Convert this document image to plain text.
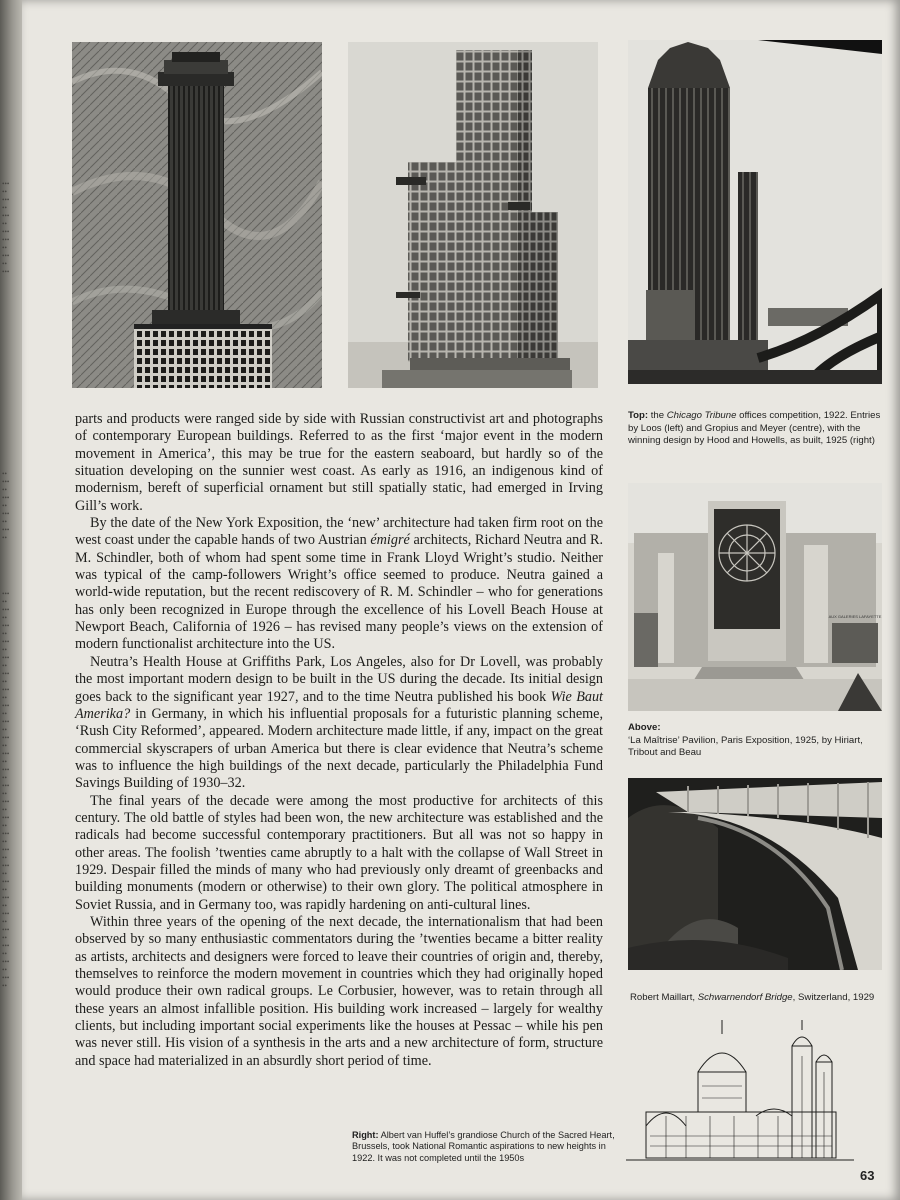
•••
••
•••
••
•••
••
•••
•••
••
•••
••
•••
••
•••
••
•••
••
•••
••
•••
••
•••
••
•••
••
•••
••
•••
••
•••
••
•••
••
•••
••
•••
••
•••
••
•••
••
•••
••
•••
••
•••
••
•••
••
•••
••
•••
••
•••
••
•••
••
•••
••
•••
••
•••
••
•••
••
•••
••
•••
••
•••
••
Top: the Chicago Tribune offices competition, 1922. Entries by Loos (left) and Gropius and Meyer (centre), with the winning design by Hood and Howells, as built, 1925 (right)
AUX GALERIES LAFAYETTE
Above:
‘La Maîtrise’ Pavilion, Paris Exposition, 1925, by Hiriart, Tribout and Beau
Robert Maillart, Schwarnendorf Bridge, Switzerland, 1929
Right: Albert van Huffel’s grandiose Church of the Sacred Heart, Brussels, took National Romantic aspirations to new heights in 1922. It was not completed until the 1950s

parts and products were ranged side by side with Russian constructivist art and photographs of contemporary European buildings. Referred to as the first ‘major event in the modern movement in America’, this may be true for the eastern seaboard, but hardly so of the situation developing on the sunnier west coast. As early as 1916, an indigenous kind of modernism, bereft of superficial ornament but still spatially static, had emerged in Irving Gill’s work.

By the date of the New York Exposition, the ‘new’ architecture had taken firm root on the west coast under the capable hands of two Austrian émigré architects, Richard Neutra and R. M. Schindler, both of whom had spent some time in Frank Lloyd Wright’s studio. Neither was typical of the camp-followers Wright’s office seemed to produce. Neutra gained a world-wide reputation, but the recent rediscovery of R. M. Schindler – who for generations has only been recognized in Europe through the excellence of his Lovell Beach House at Newport Beach, California of 1926 – has revised many people’s views on the extension of modern functionalist architecture into the US.

Neutra’s Health House at Griffiths Park, Los Angeles, also for Dr Lovell, was probably the most important modern design to be built in the US during the decade. Its initial design goes back to the significant year 1927, and to the time Neutra published his book Wie Baut Amerika? in Germany, in which his influential proposals for a futuristic planning scheme, ‘Rush City Reformed’, appeared. Modern architecture made little, if any, impact on the great commercial skyscrapers of urban America but there is clear evidence that Neutra’s scheme was to influence the high buildings of the next decade, particularly the Philadelphia Fund Savings Building of 1930–32.

The final years of the decade were among the most productive for architects of this century. The old battle of styles had been won, the new architecture was established and the radicals had become successful contemporary practitioners. But all was not so happy in other areas. The foolish ’twenties came abruptly to a halt with the collapse of Wall Street in 1929. Despair filled the minds of many who had previously only dreamt of greenbacks and building monuments (modern or otherwise) to their own glory. The political atmosphere in Soviet Russia, and in Germany too, was rapidly hardening on anti-cultural lines.

Within three years of the opening of the next decade, the internationalism that had been observed by so many enthusiastic commentators during the ’twenties became a bitter reality as artists, architects and designers were forced to leave their countries of origin and, thereby, themselves to reinforce the modern movement in countries which they had originally hoped would produce their own radical groups. Le Corbusier, however, was to retain through all these years an almost infallible position. His building work increased – largely for wealthy clients, but including important social experiments like the houses at Pessac – while his pen was never still. His vision of a synthesis in the arts and a new architecture of form, structure and space had materialized in an absurdly short period of time.

63
